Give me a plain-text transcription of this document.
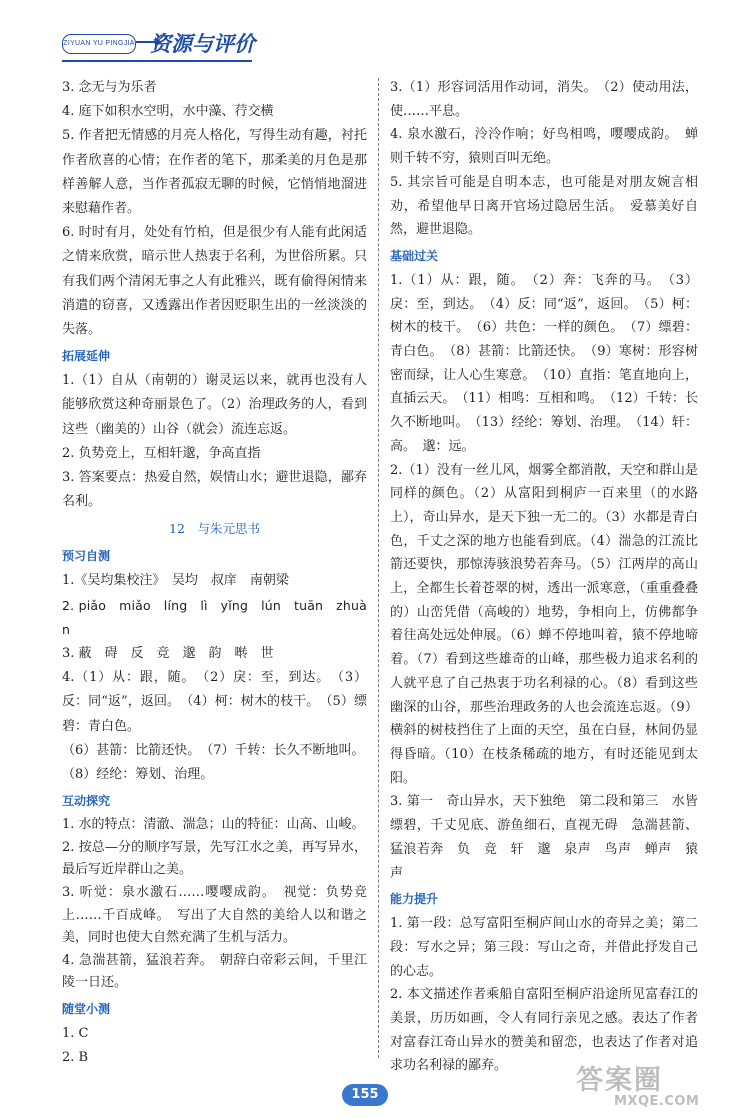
ZIYUAN YU PINGJIA 资源与评价

3. 念无与为乐者

4. 庭下如积水空明，水中藻、荇交横

5. 作者把无情感的月亮人格化，写得生动有趣，衬托作者欣喜的心情；在作者的笔下，那柔美的月色是那样善解人意，当作者孤寂无聊的时候，它悄悄地溜进来慰藉作者。

6. 时时有月，处处有竹柏，但是很少有人能有此闲适之情来欣赏，暗示世人热衷于名利，为世俗所累。只有我们两个清闲无事之人有此雅兴，既有偷得闲情来消遣的窃喜，又透露出作者因贬职生出的一丝淡淡的失落。

拓展延伸

1.（1）自从（南朝的）谢灵运以来，就再也没有人能够欣赏这种奇丽景色了。（2）治理政务的人，看到这些（幽美的）山谷（就会）流连忘返。

2. 负势竞上，互相轩邈，争高直指

3. 答案要点：热爱自然，娱情山水；避世退隐，鄙弃名利。

12　与朱元思书
预习自测

1.《吴均集校注》　吴均　叔庠　南朝梁

2. piǎo　miǎo　líng　lì　yǐng　lún　tuān　zhuàn

3. 蔽　碍　反　竞　邈　韵　啭　世

4.（1）从：跟，随。　（2）戾：至，到达。　（3）反：同“返”，返回。　（4）柯：树木的枝干。　（5）缥碧：青白色。

（6）甚箭：比箭还快。　（7）千转：长久不断地叫。

（8）经纶：筹划、治理。

互动探究

1. 水的特点：清澈、湍急；山的特征：山高、山峻。

2. 按总—分的顺序写景，先写江水之美，再写异水，最后写近岸群山之美。

3. 听觉：泉水激石……嘤嘤成韵。　视觉：负势竞上……千百成峰。　写出了大自然的美给人以和谐之美，同时也使大自然充满了生机与活力。

4. 急湍甚箭，猛浪若奔。　朝辞白帝彩云间，千里江陵一日还。

随堂小测

1. C

2. B

3.（1）形容词活用作动词，消失。　（2）使动用法，使……平息。

4. 泉水激石，泠泠作响；好鸟相鸣，嘤嘤成韵。　蝉则千转不穷，猿则百叫无绝。

5. 其宗旨可能是自明本志，也可能是对朋友婉言相劝，希望他早日离开官场过隐居生活。　爱慕美好自然，避世退隐。

基础过关

1.（1）从：跟，随。　（2）奔：飞奔的马。　（3）戾：至，到达。　（4）反：同“返”，返回。　（5）柯：树木的枝干。　（6）共色：一样的颜色。　（7）缥碧：青白色。　（8）甚箭：比箭还快。　（9）寒树：形容树密而绿，让人心生寒意。　（10）直指：笔直地向上，直插云天。　（11）相鸣：互相和鸣。　（12）千转：长久不断地叫。　（13）经纶：筹划、治理。　（14）轩：高。　邈：远。

2.（1）没有一丝儿风，烟雾全都消散，天空和群山是同样的颜色。（2）从富阳到桐庐一百来里（的水路上），奇山异水，是天下独一无二的。（3）水都是青白色，千丈之深的地方也能看到底。（4）湍急的江流比箭还要快，那惊涛骇浪势若奔马。（5）江两岸的高山上，全都生长着苍翠的树，透出一派寒意，（重重叠叠的）山峦凭借（高峻的）地势，争相向上，仿佛都争着往高处远处伸展。（6）蝉不停地叫着，猿不停地啼着。（7）看到这些雄奇的山峰，那些极力追求名利的人就平息了自己热衷于功名利禄的心。（8）看到这些幽深的山谷，那些治理政务的人也会流连忘返。（9）横斜的树枝挡住了上面的天空，虽在白昼，林间仍显得昏暗。（10）在枝条稀疏的地方，有时还能见到太阳。

3. 第一　奇山异水，天下独绝　第二段和第三　水皆缥碧，千丈见底、游鱼细石，直视无碍　急湍甚箭、猛浪若奔　负　竞　轩　邈　泉声　鸟声　蝉声　猿声

能力提升

1. 第一段：总写富阳至桐庐间山水的奇异之美；第二段：写水之异；第三段：写山之奇，并借此抒发自己的心志。

2. 本文描述作者乘船自富阳至桐庐沿途所见富春江的美景，历历如画，令人有同行亲见之感。表达了作者对富春江奇山异水的赞美和留恋，也表达了作者对追求功名利禄的鄙弃。

155	答案圈
MXQE.COM
